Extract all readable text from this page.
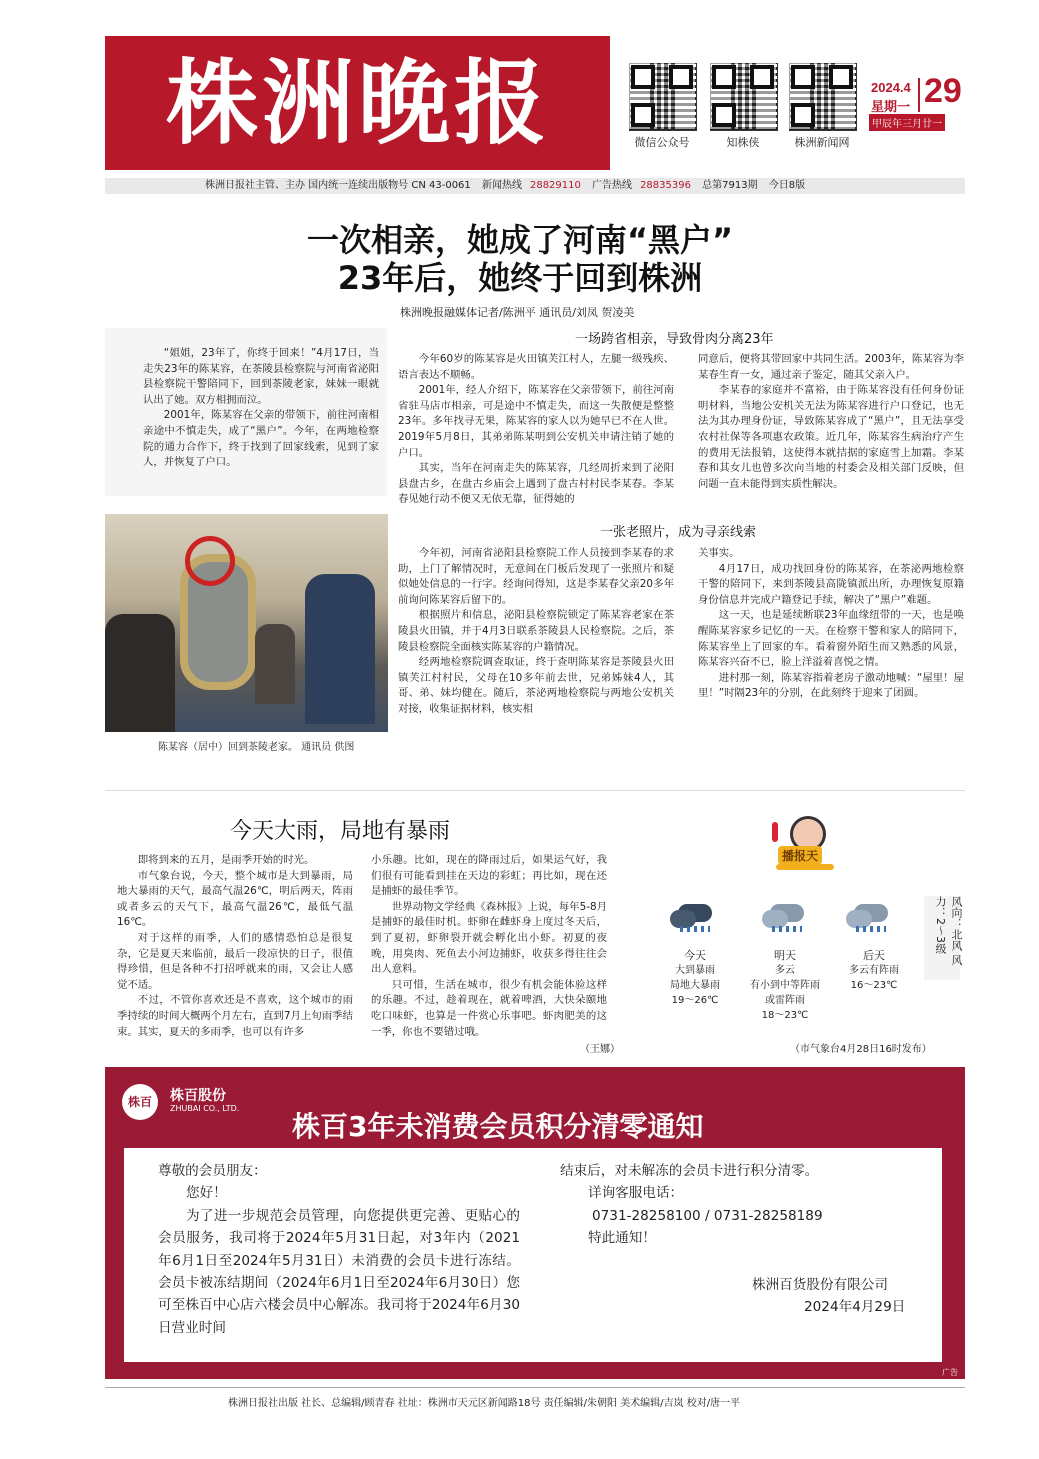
株洲晚报	微信公众号	知株侠	株洲新闻网
2024.4
星期一 29
甲辰年三月廿一
株洲日报社主管、主办 国内统一连续出版物号 CN 43-0061 新闻热线 28829110 广告热线 28835396 总第7913期 今日8版
一次相亲，她成了河南“黑户”
23年后，她终于回到株洲
株洲晚报融媒体记者/陈洲平 通讯员/刘凤 贺凌美

“姐姐，23年了，你终于回来！”4月17日，当走失23年的陈某容，在茶陵县检察院与河南省泌阳县检察院干警陪同下，回到茶陵老家，妹妹一眼就认出了她。双方相拥而泣。

2001年，陈某容在父亲的带领下，前往河南相亲途中不慎走失，成了“黑户”。今年，在两地检察院的通力合作下，终于找到了回家线索，见到了家人，并恢复了户口。

一场跨省相亲，导致骨肉分离23年

今年60岁的陈某容是火田镇芙江村人，左腿一级残疾、语言表达不顺畅。

2001年，经人介绍下，陈某容在父亲带领下，前往河南省驻马店市相亲，可是途中不慎走失，而这一失散便是整整23年。多年找寻无果，陈某容的家人以为她早已不在人世。2019年5月8日，其弟弟陈某明到公安机关申请注销了她的户口。

其实，当年在河南走失的陈某容，几经周折来到了泌阳县盘古乡，在盘古乡庙会上遇到了盘古村村民李某春。李某春见她行动不便又无依无靠，征得她的

同意后，便将其带回家中共同生活。2003年，陈某容为李某春生育一女，通过亲子鉴定，随其父亲入户。

李某春的家庭并不富裕，由于陈某容没有任何身份证明材料，当地公安机关无法为陈某容进行户口登记，也无法为其办理身份证，导致陈某容成了“黑户”，且无法享受农村社保等各项惠农政策。近几年，陈某容生病治疗产生的费用无法报销，这使得本就拮据的家庭雪上加霜。李某春和其女儿也曾多次向当地的村委会及相关部门反映，但问题一直未能得到实质性解决。

一张老照片，成为寻亲线索

今年初，河南省泌阳县检察院工作人员接到李某春的求助，上门了解情况时，无意间在门板后发现了一张照片和疑似她处信息的一行字。经询问得知，这是李某春父亲20多年前询问陈某容后留下的。

根据照片和信息，泌阳县检察院锁定了陈某容老家在茶陵县火田镇，并于4月3日联系茶陵县人民检察院。之后，茶陵县检察院全面核实陈某容的户籍情况。

经两地检察院调查取证，终于查明陈某容是茶陵县火田镇芙江村村民，父母在10多年前去世，兄弟姊妹4人，其哥、弟、妹均健在。随后，茶泌两地检察院与两地公安机关对接，收集证据材料，核实相

关事实。

4月17日，成功找回身份的陈某容，在茶泌两地检察干警的陪同下，来到茶陵县高陇镇派出所，办理恢复原籍身份信息并完成户籍登记手续，解决了“黑户”难题。

这一天，也是延续断联23年血缘纽带的一天，也是唤醒陈某容家乡记忆的一天。在检察干警和家人的陪同下，陈某容坐上了回家的车。看着窗外陌生而又熟悉的风景，陈某容兴奋不已，脸上洋溢着喜悦之情。

进村那一刻，陈某容指着老房子激动地喊：“屋里！屋里！”时隔23年的分别，在此刻终于迎来了团圆。

陈某容（居中）回到茶陵老家。 通讯员 供图
今天大雨，局地有暴雨

即将到来的五月，是雨季开始的时光。

市气象台说，今天，整个城市是大到暴雨，局地大暴雨的天气，最高气温26℃，明后两天，阵雨或者多云的天气下，最高气温26℃，最低气温16℃。

对于这样的雨季，人们的感情恐怕总是很复杂，它是夏天来临前，最后一段凉快的日子，很值得珍惜，但是各种不打招呼就来的雨，又会让人感觉不适。

不过，不管你喜欢还是不喜欢，这个城市的雨季持续的时间大概两个月左右，直到7月上旬雨季结束。其实，夏天的多雨季，也可以有许多

小乐趣。比如，现在的降雨过后，如果运气好，我们很有可能看到挂在天边的彩虹；再比如，现在还是捕虾的最佳季节。

世界动物文学经典《森林报》上说，每年5-8月是捕虾的最佳时机。虾卵在雌虾身上度过冬天后，到了夏初，虾卵裂开就会孵化出小虾。初夏的夜晚，用臭肉、死鱼去小河边捕虾，收获多得往往会出人意料。

只可惜，生活在城市，很少有机会能体验这样的乐趣。不过，趁着现在，就着啤酒，大快朵颐地吃口味虾，也算是一件赏心乐事吧。虾肉肥美的这一季，你也不要错过哦。

（王娜）
播报天
今天
大到暴雨
局地大暴雨
19～26℃
明天
多云
有小到中等阵雨
或雷阵雨
18～23℃
后天
多云有阵雨
16～23℃
风向：北风 风力：2～3级
（市气象台4月28日16时发布）
株百	株百股份
ZHUBAI CO., LTD.
株百3年未消费会员积分清零通知
尊敬的会员朋友：
您好！
为了进一步规范会员管理，向您提供更完善、更贴心的会员服务，我司将于2024年5月31日起，对3年内（2021年6月1日至2024年5月31日）未消费的会员卡进行冻结。会员卡被冻结期间（2024年6月1日至2024年6月30日）您可至株百中心店六楼会员中心解冻。我司将于2024年6月30日营业时间
结束后，对未解冻的会员卡进行积分清零。
详询客服电话：
0731-28258100 / 0731-28258189
特此通知！
株洲百货股份有限公司
2024年4月29日
广告
株洲日报社出版 社长、总编辑/顾青春 社址：株洲市天元区新闻路18号 责任编辑/朱朝阳 美术编辑/吉岚 校对/唐一平
